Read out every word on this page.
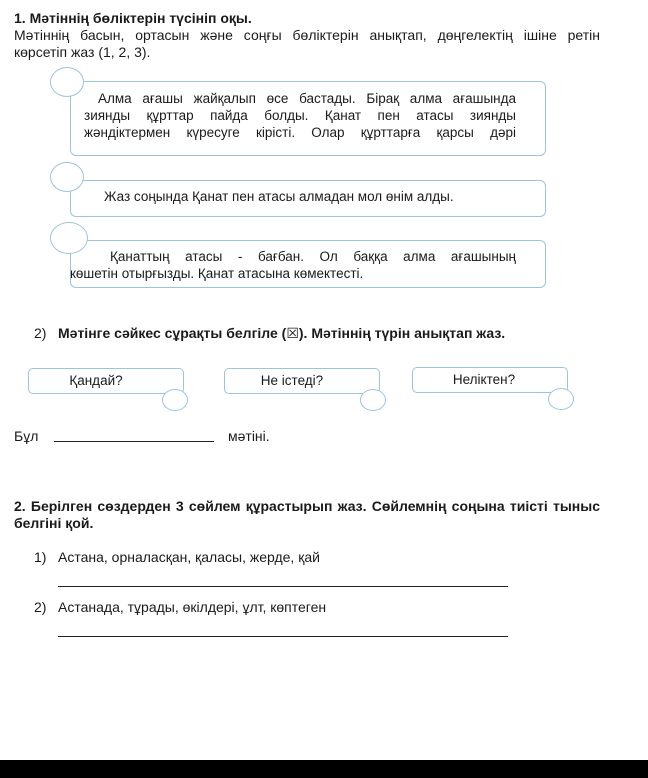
1. Мәтіннің бөліктерін түсініп оқы.
Мәтіннің басын, ортасын және соңғы бөліктерін анықтап, дөңгелектің ішіне ретін
көрсетіп жаз (1, 2, 3).
Алма ағашы жайқалып өсе бастады. Бірақ алма ағашында
зиянды құрттар пайда болды. Қанат пен атасы зиянды
жәндіктермен күресуге кірісті. Олар құрттарға қарсы дәрі
Жаз соңында Қанат пен атасы алмадан мол өнім алды.
Қанаттың атасы - бағбан. Ол баққа алма ағашының
көшетін отырғызды. Қанат атасына көмектесті.
2) Мәтінге сәйкес сұрақты белгіле (☒). Мәтіннің түрін анықтап жаз.
Қандай?	Не істеді?	Неліктен?
Бұл	мәтіні.
2. Берілген сөздерден 3 сөйлем құрастырып жаз. Сөйлемнің соңына тиісті тыныс
белгіні қой.
1) Астана, орналасқан, қаласы, жерде, қай
2) Астанада, тұрады, өкілдері, ұлт, көптеген
